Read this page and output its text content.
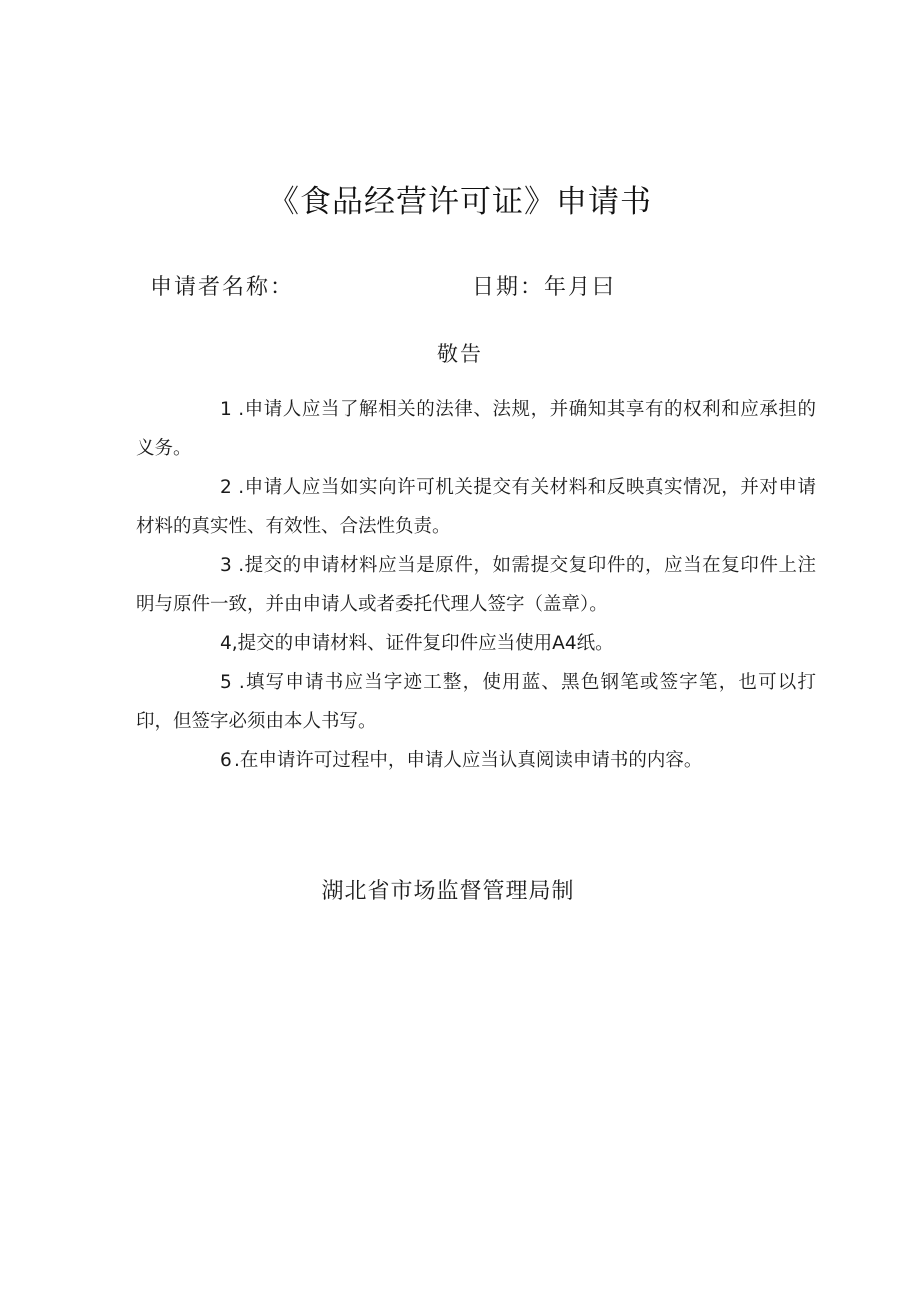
《食品经营许可证》申请书
申请者名称：	日期：年月曰
敬告

1 .申请人应当了解相关的法律、法规，并确知其享有的权利和应承担的义务。

2 .申请人应当如实向许可机关提交有关材料和反映真实情况，并对申请材料的真实性、有效性、合法性负责。

3 .提交的申请材料应当是原件，如需提交复印件的，应当在复印件上注明与原件一致，并由申请人或者委托代理人签字（盖章）。

4,提交的申请材料、证件复印件应当使用A4纸。

5 .填写申请书应当字迹工整，使用蓝、黑色钢笔或签字笔，也可以打印，但签字必须由本人书写。

6 .在申请许可过程中，申请人应当认真阅读申请书的内容。

湖北省市场监督管理局制
